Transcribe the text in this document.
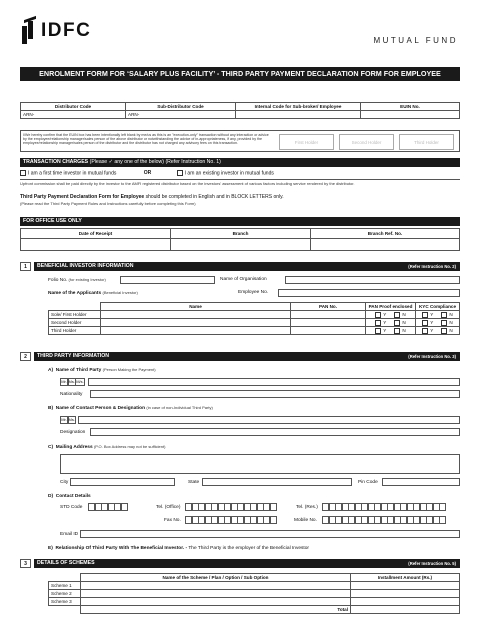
IDFC	MUTUAL FUND
ENROLMENT FORM FOR ‘SALARY PLUS FACILITY’ - THIRD PARTY PAYMENT DECLARATION FORM FOR EMPLOYEE
Distributor Code	Sub-Distributor Code	Internal Code for Sub-broker/ Employee	EUIN No.
ARN-	ARN-		
I/We hereby confirm that the EUIN box has been intentionally left blank by me/us as this is an "execution-only" transaction without any interaction or advice by the employee/relationship manager/sales person of the above distributor or notwithstanding the advice of in-appropriateness, if any, provided by the employee/relationship manager/sales person of the distributor and the distributor has not charged any advisory fees on this transaction.	First Holder	Second Holder	Third Holder
TRANSACTION CHARGES (Please ✓ any one of the below) (Refer Instruction No. 1)
I am a first time investor in mutual funds	OR	I am an existing investor in mutual funds
Upfront commission shall be paid directly by the investor to the AMFI registered distributor based on the investors' assessment of various factors including service rendered by the distributor.
Third Party Payment Declaration Form for Employee should be completed in English and in BLOCK LETTERS only.
(Please read the Third Party Payment Rules and Instructions carefully before completing this Form)
FOR OFFICE USE ONLY
Date of Receipt	Branch	Branch Ref. No.

1	BENEFICIAL INVESTOR INFORMATION	(Refer Instruction No. 2)
Folio No. (for existing Investor)	Name of Organisation
Name of the Applicants (Beneficial Investor)	Employee No.
	Name	PAN No.	PAN Proof enclosed	KYC Compliance
Sole/ First Holder			Y N	Y N
Second Holder			Y N	Y N
Third Holder			Y N	Y N
2	THIRD PARTY INFORMATION	(Refer Instruction No. 3)
A) Name of Third Party (Person Making the Payment)
Mr. Ms. M/s.
Nationality
B) Name of Contact Person & Designation (in case of non-Individual Third Party)
Mr. Ms.
Designation
C) Mailing Address (P.O. Box Address may not be sufficient)
City	State	Pin Code
D) Contact Details
STD Code	Tel. (Office)	Tel. (Res.)
Fax No.	Mobile No.
Email ID
E) Relationship Of Third Party With The Beneficial Investor. - The Third Party is the employer of the Beneficial Investor
3	DETAILS OF SCHEMES	(Refer Instruction No. 5)
	Name of the Scheme / Plan / Option / Sub Option	Installment Amount (Rs.)
Scheme 1		
Scheme 2		
Scheme 3		
	Total	
